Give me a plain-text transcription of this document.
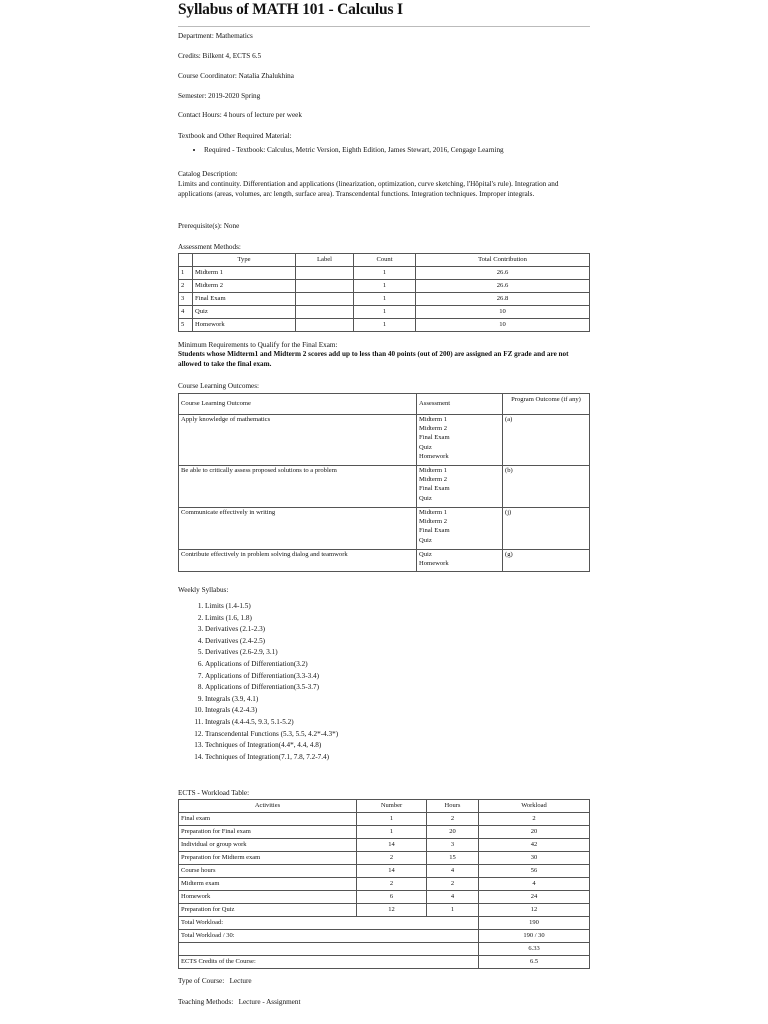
Syllabus of MATH 101 - Calculus I
Department: Mathematics
Credits: Bilkent 4, ECTS 6.5
Course Coordinator: Natalia Zhalukhina
Semester: 2019-2020 Spring
Contact Hours: 4 hours of lecture per week
Textbook and Other Required Material:
• Required - Textbook: Calculus, Metric Version, Eighth Edition, James Stewart, 2016, Cengage Learning
Catalog Description:
Limits and continuity. Differentiation and applications (linearization, optimization, curve sketching, l'Hôpital's rule). Integration and applications (areas, volumes, arc length, surface area). Transcendental functions. Integration techniques. Improper integrals.
Prerequisite(s): None
Assessment Methods:
	Type	Label	Count	Total Contribution
1	Midterm 1		1	26.6
2	Midterm 2		1	26.6
3	Final Exam		1	26.8
4	Quiz		1	10
5	Homework		1	10
Minimum Requirements to Qualify for the Final Exam:
Students whose Midterm1 and Midterm 2 scores add up to less than 40 points (out of 200) are assigned an FZ grade and are not allowed to take the final exam.
Course Learning Outcomes:
Course Learning Outcome	Assessment	Program Outcome (if any)
Apply knowledge of mathematics	Midterm 1
Midterm 2
Final Exam
Quiz
Homework	(a)
Be able to critically assess proposed solutions to a problem	Midterm 1
Midterm 2
Final Exam
Quiz	(b)
Communicate effectively in writing	Midterm 1
Midterm 2
Final Exam
Quiz	(j)
Contribute effectively in problem solving dialog and teamwork	Quiz
Homework	(g)
Weekly Syllabus:
1. Limits (1.4-1.5)
2. Limits (1.6, 1.8)
3. Derivatives (2.1-2.3)
4. Derivatives (2.4-2.5)
5. Derivatives (2.6-2.9, 3.1)
6. Applications of Differentiation(3.2)
7. Applications of Differentiation(3.3-3.4)
8. Applications of Differentiation(3.5-3.7)
9. Integrals (3.9, 4.1)
10. Integrals (4.2-4.3)
11. Integrals (4.4-4.5, 9.3, 5.1-5.2)
12. Transcendental Functions (5.3, 5.5, 4.2*-4.3*)
13. Techniques of Integration(4.4*, 4.4, 4.8)
14. Techniques of Integration(7.1, 7.8, 7.2-7.4)
ECTS - Workload Table:
Activities	Number	Hours	Workload
Final exam	1	2	2
Preparation for Final exam	1	20	20
Individual or group work	14	3	42
Preparation for Midterm exam	2	15	30
Course hours	14	4	56
Midterm exam	2	2	4
Homework	6	4	24
Preparation for Quiz	12	1	12
Total Workload:			190
Total Workload / 30:			190 / 30
			6.33
ECTS Credits of the Course:			6.5
Type of Course:   Lecture
Teaching Methods:   Lecture - Assignment
